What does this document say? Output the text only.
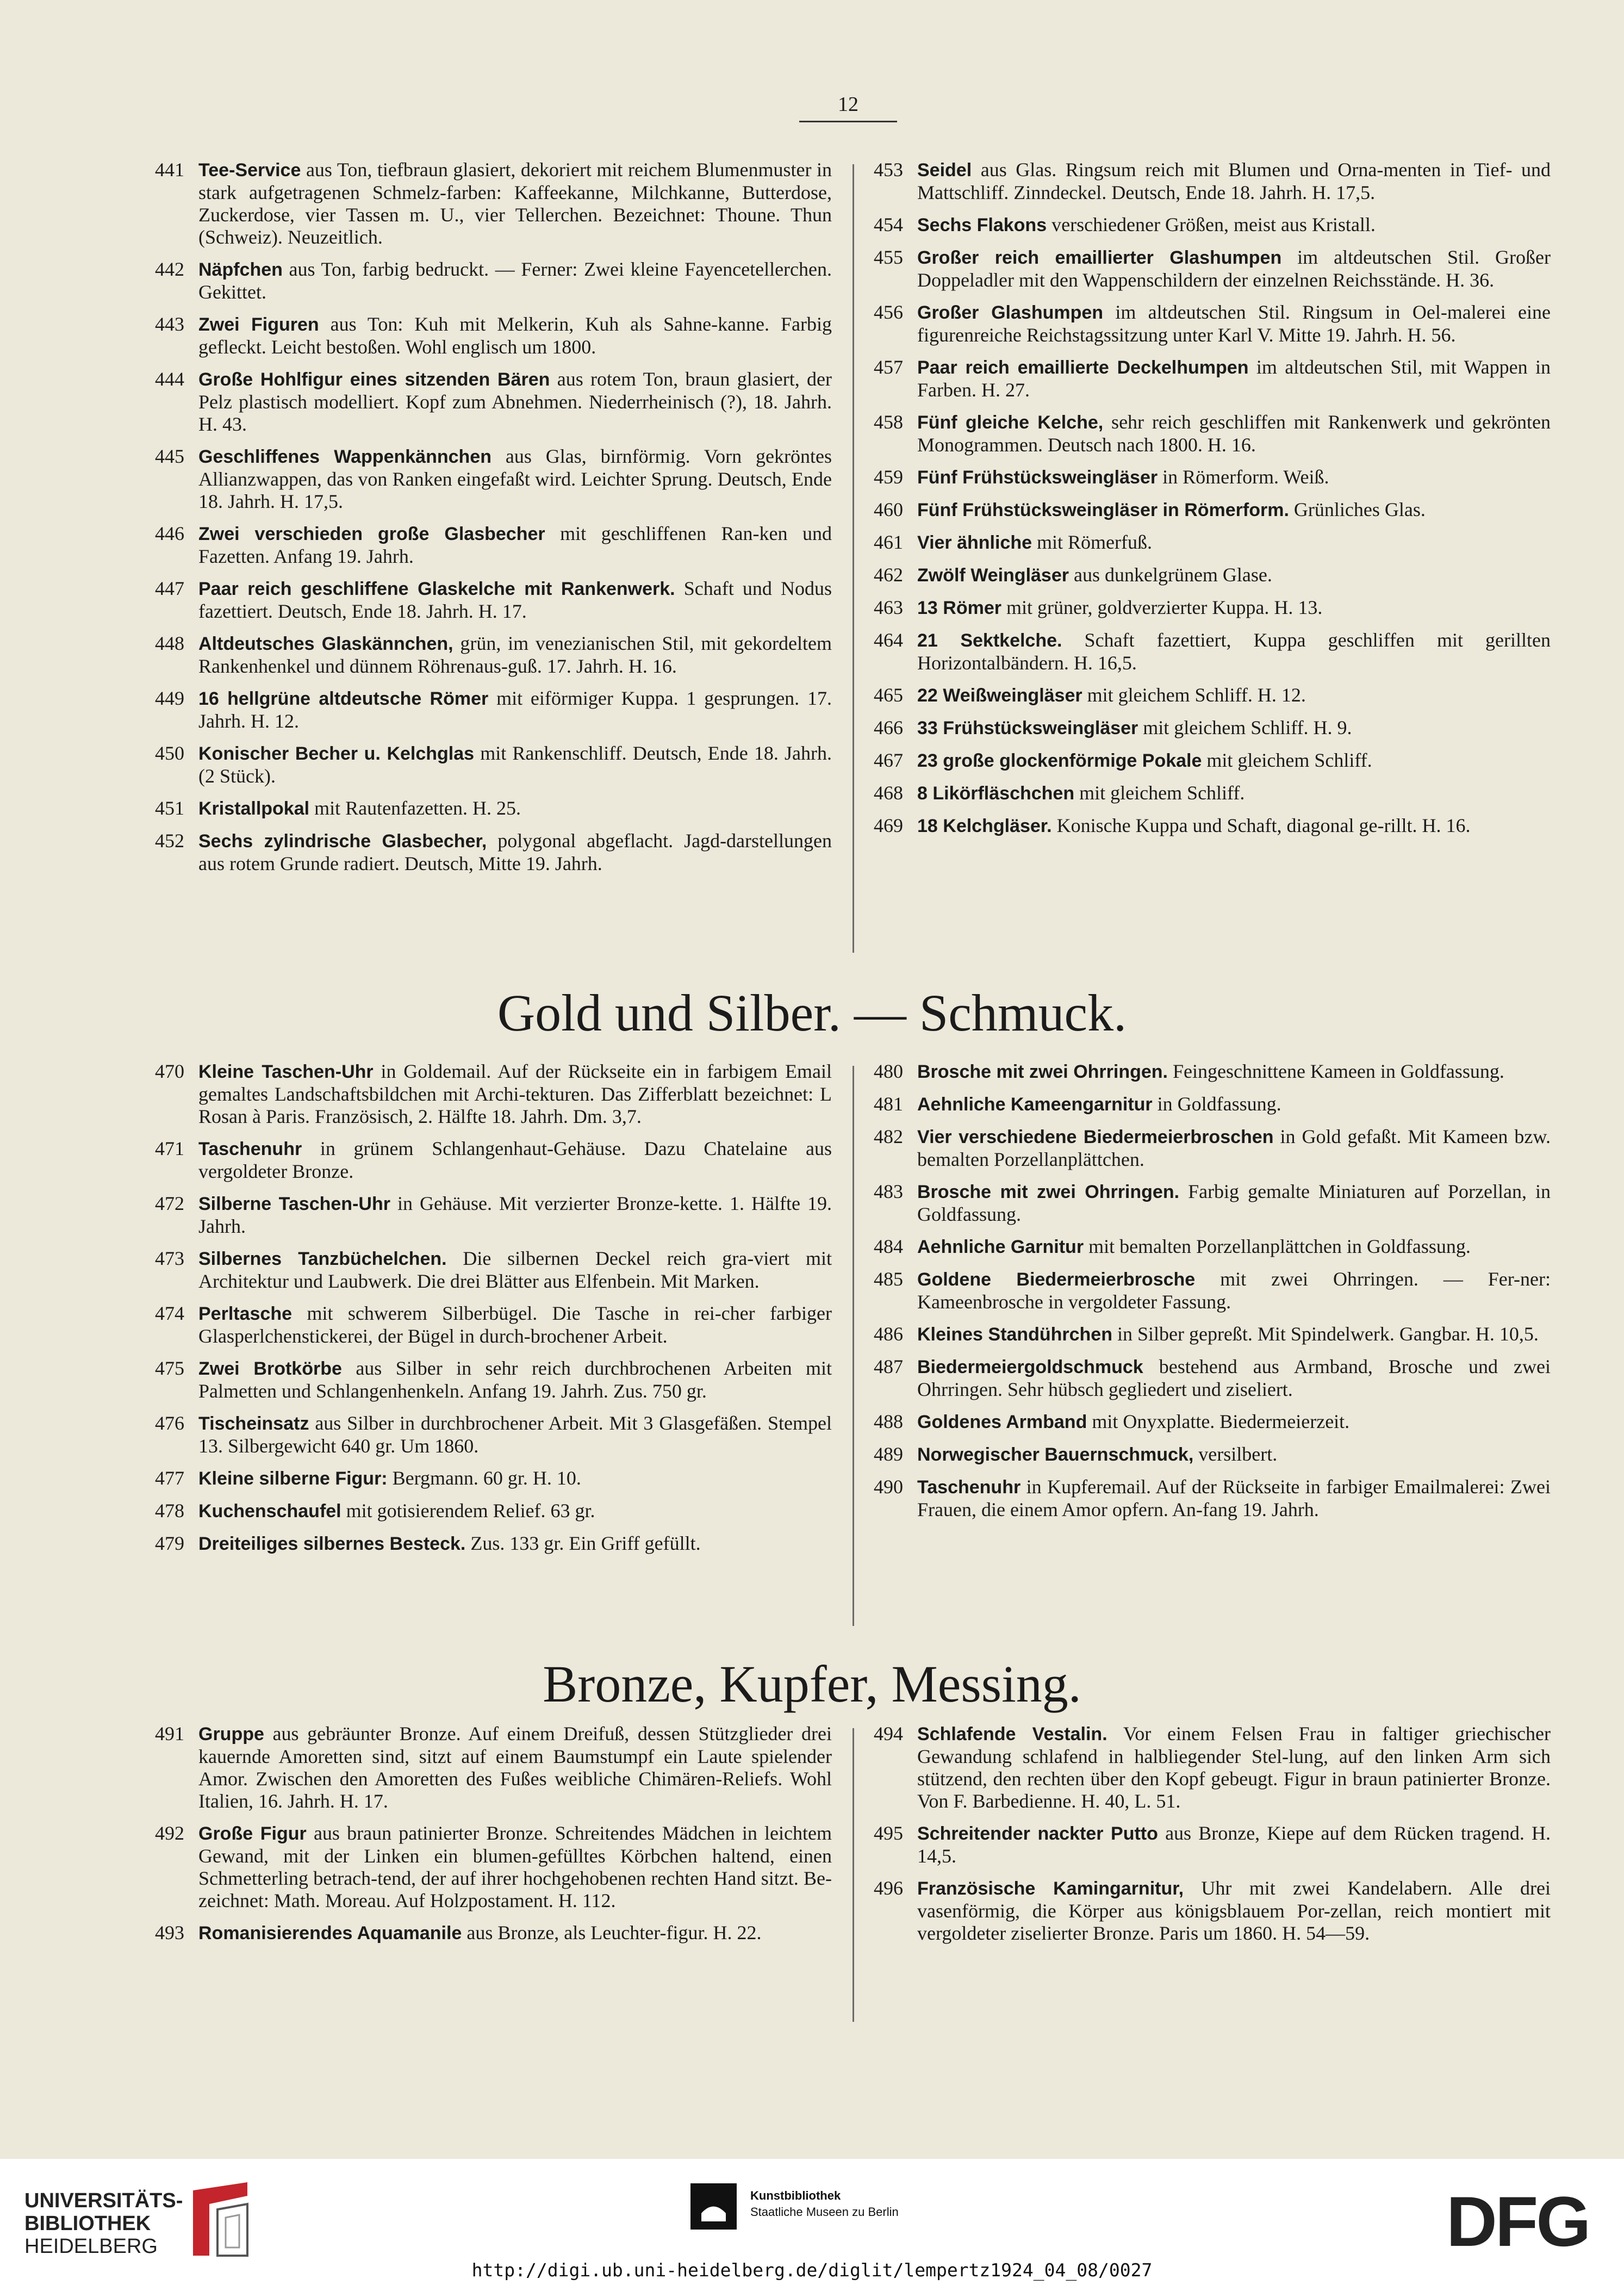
12
441 Tee-Service aus Ton, tiefbraun glasiert, dekoriert mit reichem Blumenmuster in stark aufgetragenen Schmelz-farben: Kaffeekanne, Milchkanne, Butterdose, Zuckerdose, vier Tassen m. U., vier Tellerchen. Bezeichnet: Thoune. Thun (Schweiz). Neuzeitlich.
442 Näpfchen aus Ton, farbig bedruckt. — Ferner: Zwei kleine Fayencetellerchen. Gekittet.
443 Zwei Figuren aus Ton: Kuh mit Melkerin, Kuh als Sahne-kanne. Farbig gefleckt. Leicht bestoßen. Wohl englisch um 1800.
444 Große Hohlfigur eines sitzenden Bären aus rotem Ton, braun glasiert, der Pelz plastisch modelliert. Kopf zum Abnehmen. Niederrheinisch (?), 18. Jahrh. H. 43.
445 Geschliffenes Wappenkännchen aus Glas, birnförmig. Vorn gekröntes Allianzwappen, das von Ranken eingefaßt wird. Leichter Sprung. Deutsch, Ende 18. Jahrh. H. 17,5.
446 Zwei verschieden große Glasbecher mit geschliffenen Ran-ken und Fazetten. Anfang 19. Jahrh.
447 Paar reich geschliffene Glaskelche mit Rankenwerk. Schaft und Nodus fazettiert. Deutsch, Ende 18. Jahrh. H. 17.
448 Altdeutsches Glaskännchen, grün, im venezianischen Stil, mit gekordeltem Rankenhenkel und dünnem Röhrenaus-guß. 17. Jahrh. H. 16.
449 16 hellgrüne altdeutsche Römer mit eiförmiger Kuppa. 1 gesprungen. 17. Jahrh. H. 12.
450 Konischer Becher u. Kelchglas mit Rankenschliff. Deutsch, Ende 18. Jahrh. (2 Stück).
451 Kristallpokal mit Rautenfazetten. H. 25.
452 Sechs zylindrische Glasbecher, polygonal abgeflacht. Jagd-darstellungen aus rotem Grunde radiert. Deutsch, Mitte 19. Jahrh.
453 Seidel aus Glas. Ringsum reich mit Blumen und Orna-menten in Tief- und Mattschliff. Zinndeckel. Deutsch, Ende 18. Jahrh. H. 17,5.
454 Sechs Flakons verschiedener Größen, meist aus Kristall.
455 Großer reich emaillierter Glashumpen im altdeutschen Stil. Großer Doppeladler mit den Wappenschildern der einzelnen Reichsstände. H. 36.
456 Großer Glashumpen im altdeutschen Stil. Ringsum in Oel-malerei eine figurenreiche Reichstagssitzung unter Karl V. Mitte 19. Jahrh. H. 56.
457 Paar reich emaillierte Deckelhumpen im altdeutschen Stil, mit Wappen in Farben. H. 27.
458 Fünf gleiche Kelche, sehr reich geschliffen mit Rankenwerk und gekrönten Monogrammen. Deutsch nach 1800. H. 16.
459 Fünf Frühstücksweingläser in Römerform. Weiß.
460 Fünf Frühstücksweingläser in Römerform. Grünliches Glas.
461 Vier ähnliche mit Römerfuß.
462 Zwölf Weingläser aus dunkelgrünem Glase.
463 13 Römer mit grüner, goldverzierter Kuppa. H. 13.
464 21 Sektkelche. Schaft fazettiert, Kuppa geschliffen mit gerillten Horizontalbändern. H. 16,5.
465 22 Weißweingläser mit gleichem Schliff. H. 12.
466 33 Frühstücksweingläser mit gleichem Schliff. H. 9.
467 23 große glockenförmige Pokale mit gleichem Schliff.
468 8 Likörfläschchen mit gleichem Schliff.
469 18 Kelchgläser. Konische Kuppa und Schaft, diagonal ge-rillt. H. 16.
Gold und Silber. — Schmuck.
470 Kleine Taschen-Uhr in Goldemail. Auf der Rückseite ein in farbigem Email gemaltes Landschaftsbildchen mit Archi-tekturen. Das Zifferblatt bezeichnet: L Rosan à Paris. Französisch, 2. Hälfte 18. Jahrh. Dm. 3,7.
471 Taschenuhr in grünem Schlangenhaut-Gehäuse. Dazu Chatelaine aus vergoldeter Bronze.
472 Silberne Taschen-Uhr in Gehäuse. Mit verzierter Bronze-kette. 1. Hälfte 19. Jahrh.
473 Silbernes Tanzbüchelchen. Die silbernen Deckel reich gra-viert mit Architektur und Laubwerk. Die drei Blätter aus Elfenbein. Mit Marken.
474 Perltasche mit schwerem Silberbügel. Die Tasche in rei-cher farbiger Glasperlchenstickerei, der Bügel in durch-brochener Arbeit.
475 Zwei Brotkörbe aus Silber in sehr reich durchbrochenen Arbeiten mit Palmetten und Schlangenhenkeln. Anfang 19. Jahrh. Zus. 750 gr.
476 Tischeinsatz aus Silber in durchbrochener Arbeit. Mit 3 Glasgefäßen. Stempel 13. Silbergewicht 640 gr. Um 1860.
477 Kleine silberne Figur: Bergmann. 60 gr. H. 10.
478 Kuchenschaufel mit gotisierendem Relief. 63 gr.
479 Dreiteiliges silbernes Besteck. Zus. 133 gr. Ein Griff gefüllt.
480 Brosche mit zwei Ohrringen. Feingeschnittene Kameen in Goldfassung.
481 Aehnliche Kameengarnitur in Goldfassung.
482 Vier verschiedene Biedermeierbroschen in Gold gefaßt. Mit Kameen bzw. bemalten Porzellanplättchen.
483 Brosche mit zwei Ohrringen. Farbig gemalte Miniaturen auf Porzellan, in Goldfassung.
484 Aehnliche Garnitur mit bemalten Porzellanplättchen in Goldfassung.
485 Goldene Biedermeierbrosche mit zwei Ohrringen. — Fer-ner: Kameenbrosche in vergoldeter Fassung.
486 Kleines Standührchen in Silber gepreßt. Mit Spindelwerk. Gangbar. H. 10,5.
487 Biedermeiergoldschmuck bestehend aus Armband, Brosche und zwei Ohrringen. Sehr hübsch gegliedert und ziseliert.
488 Goldenes Armband mit Onyxplatte. Biedermeierzeit.
489 Norwegischer Bauernschmuck, versilbert.
490 Taschenuhr in Kupferemail. Auf der Rückseite in farbiger Emailmalerei: Zwei Frauen, die einem Amor opfern. An-fang 19. Jahrh.
Bronze, Kupfer, Messing.
491 Gruppe aus gebräunter Bronze. Auf einem Dreifuß, dessen Stützglieder drei kauernde Amoretten sind, sitzt auf einem Baumstumpf ein Laute spielender Amor. Zwischen den Amoretten des Fußes weibliche Chimären-Reliefs. Wohl Italien, 16. Jahrh. H. 17.
492 Große Figur aus braun patinierter Bronze. Schreitendes Mädchen in leichtem Gewand, mit der Linken ein blumen-gefülltes Körbchen haltend, einen Schmetterling betrach-tend, der auf ihrer hochgehobenen rechten Hand sitzt. Be-zeichnet: Math. Moreau. Auf Holzpostament. H. 112.
493 Romanisierendes Aquamanile aus Bronze, als Leuchter-figur. H. 22.
494 Schlafende Vestalin. Vor einem Felsen Frau in faltiger griechischer Gewandung schlafend in halbliegender Stel-lung, auf den linken Arm sich stützend, den rechten über den Kopf gebeugt. Figur in braun patinierter Bronze. Von F. Barbedienne. H. 40, L. 51.
495 Schreitender nackter Putto aus Bronze, Kiepe auf dem Rücken tragend. H. 14,5.
496 Französische Kamingarnitur, Uhr mit zwei Kandelabern. Alle drei vasenförmig, die Körper aus königsblauem Por-zellan, reich montiert mit vergoldeter ziselierter Bronze. Paris um 1860. H. 54—59.
UNIVERSITÄTS-
BIBLIOTHEK
HEIDELBERG
Kunstbibliothek
Staatliche Museen zu Berlin	DFG
http://digi.ub.uni-heidelberg.de/diglit/lempertz1924_04_08/0027
